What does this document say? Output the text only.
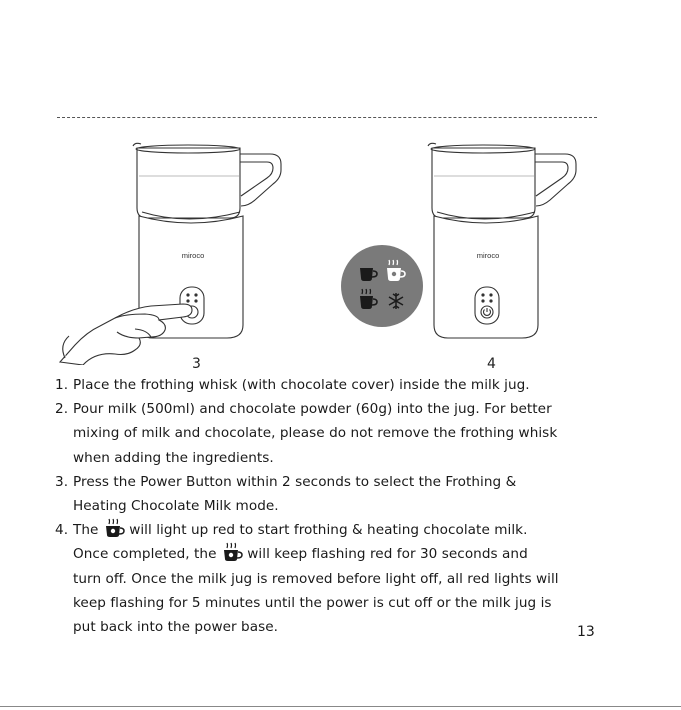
miroco
3
miroco
4
1. Place the frothing whisk (with chocolate cover) inside the milk jug.
2. Pour milk (500ml) and chocolate powder (60g) into the jug. For better
mixing of milk and chocolate, please do not remove the frothing whisk
when adding the ingredients.
3. Press the Power Button within 2 seconds to select the Frothing &
Heating Chocolate Milk mode.
4. The will light up red to start frothing & heating chocolate milk.
Once completed, the will keep flashing red for 30 seconds and
turn off. Once the milk jug is removed before light off, all red lights will
keep flashing for 5 minutes until the power is cut off or the milk jug is
put back into the power base.	13
